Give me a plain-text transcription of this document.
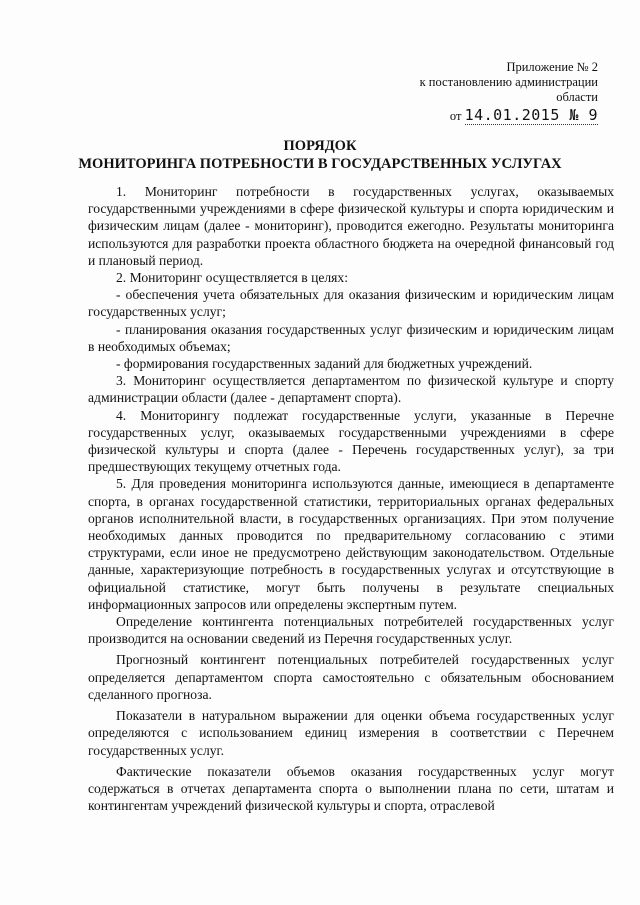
Приложение № 2
к постановлению администрации
области
от 14.01.2015 № 9
ПОРЯДОК
МОНИТОРИНГА ПОТРЕБНОСТИ В ГОСУДАРСТВЕННЫХ УСЛУГАХ

1. Мониторинг потребности в государственных услугах, оказываемых государственными учреждениями в сфере физической культуры и спорта юридическим и физическим лицам (далее - мониторинг), проводится ежегодно. Результаты мониторинга используются для разработки проекта областного бюджета на очередной финансовый год и плановый период.

2. Мониторинг осуществляется в целях:

- обеспечения учета обязательных для оказания физическим и юридическим лицам государственных услуг;

- планирования оказания государственных услуг физическим и юридическим лицам в необходимых объемах;

- формирования государственных заданий для бюджетных учреждений.

3. Мониторинг осуществляется департаментом по физической культуре и спорту администрации области (далее - департамент спорта).

4. Мониторингу подлежат государственные услуги, указанные в Перечне государственных услуг, оказываемых государственными учреждениями в сфере физической культуры и спорта (далее - Перечень государственных услуг), за три предшествующих текущему отчетных года.

5. Для проведения мониторинга используются данные, имеющиеся в департаменте спорта, в органах государственной статистики, территориальных органах федеральных органов исполнительной власти, в государственных организациях. При этом получение необходимых данных проводится по предварительному согласованию с этими структурами, если иное не предусмотрено действующим законодательством. Отдельные данные, характеризующие потребность в государственных услугах и отсутствующие в официальной статистике, могут быть получены в результате специальных информационных запросов или определены экспертным путем.

Определение контингента потенциальных потребителей государственных услуг производится на основании сведений из Перечня государственных услуг.

Прогнозный контингент потенциальных потребителей государственных услуг определяется департаментом спорта самостоятельно с обязательным обоснованием сделанного прогноза.

Показатели в натуральном выражении для оценки объема государственных услуг определяются с использованием единиц измерения в соответствии с Перечнем государственных услуг.

Фактические показатели объемов оказания государственных услуг могут содержаться в отчетах департамента спорта о выполнении плана по сети, штатам и контингентам учреждений физической культуры и спорта, отраслевой
